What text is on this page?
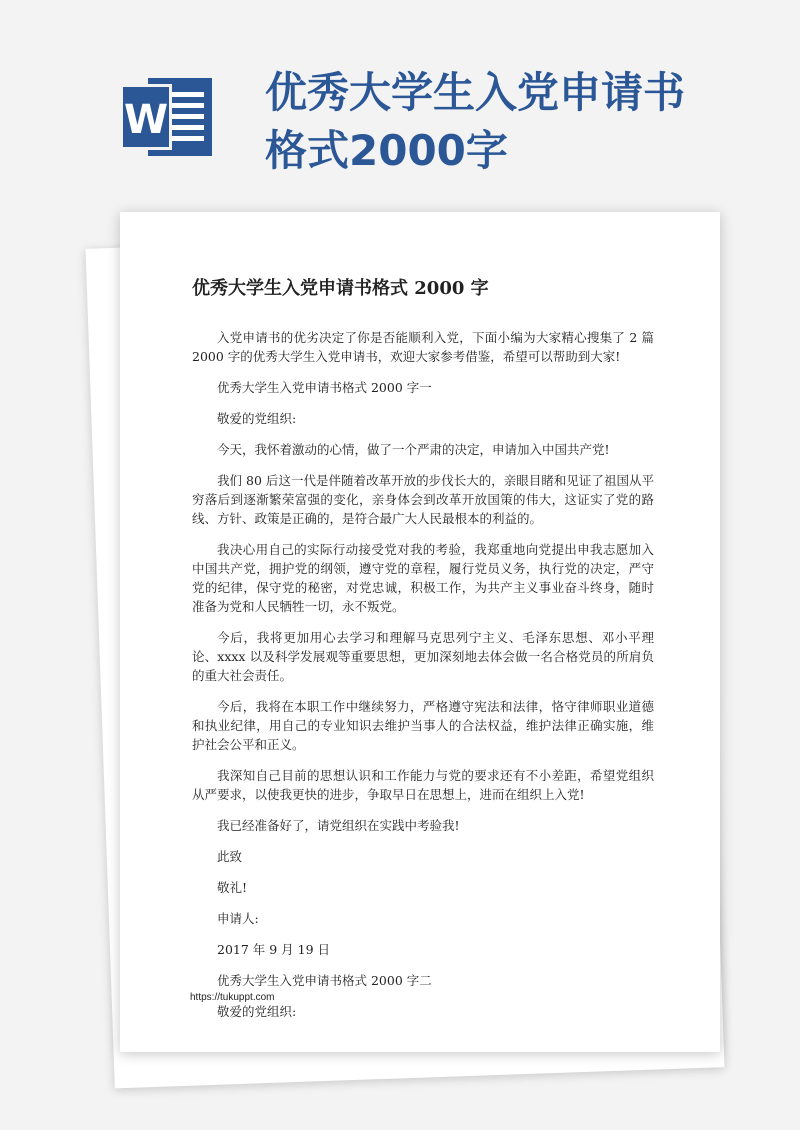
W
优秀大学生入党申请书格式2000字
优秀大学生入党申请书格式 2000 字

入党申请书的优劣决定了你是否能顺利入党，下面小编为大家精心搜集了 2 篇 2000 字的优秀大学生入党申请书，欢迎大家参考借鉴，希望可以帮助到大家!

优秀大学生入党申请书格式 2000 字一

敬爱的党组织:

今天，我怀着激动的心情，做了一个严肃的决定，申请加入中国共产党!

我们 80 后这一代是伴随着改革开放的步伐长大的，亲眼目睹和见证了祖国从平穷落后到逐渐繁荣富强的变化，亲身体会到改革开放国策的伟大，这证实了党的路线、方针、政策是正确的，是符合最广大人民最根本的利益的。

我决心用自己的实际行动接受党对我的考验，我郑重地向党提出申我志愿加入中国共产党，拥护党的纲领，遵守党的章程，履行党员义务，执行党的决定，严守党的纪律，保守党的秘密，对党忠诚，积极工作，为共产主义事业奋斗终身，随时准备为党和人民牺牲一切，永不叛党。

今后，我将更加用心去学习和理解马克思列宁主义、毛泽东思想、邓小平理论、xxxx 以及科学发展观等重要思想，更加深刻地去体会做一名合格党员的所肩负的重大社会责任。

今后，我将在本职工作中继续努力，严格遵守宪法和法律，恪守律师职业道德和执业纪律，用自己的专业知识去维护当事人的合法权益，维护法律正确实施，维护社会公平和正义。

我深知自己目前的思想认识和工作能力与党的要求还有不小差距，希望党组织从严要求，以使我更快的进步，争取早日在思想上，进而在组织上入党!

我已经准备好了，请党组织在实践中考验我!

此致

敬礼!

申请人:

2017 年 9 月 19 日

优秀大学生入党申请书格式 2000 字二

敬爱的党组织:

https://tukuppt.com
